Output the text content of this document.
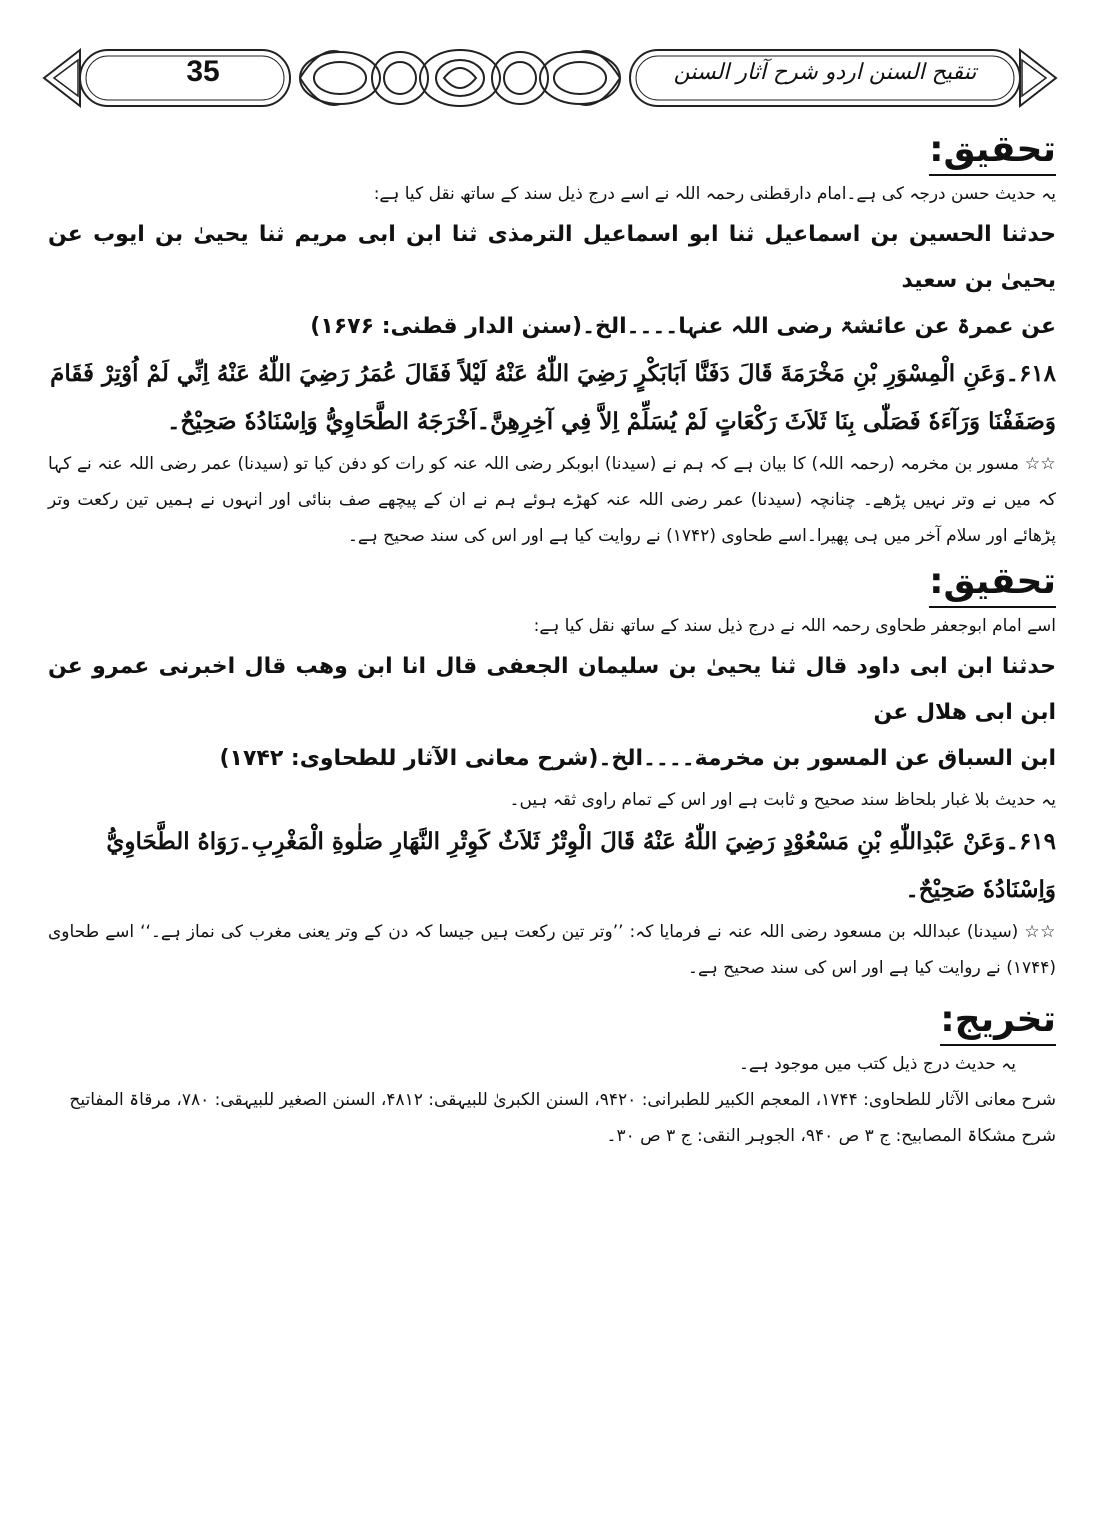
35	تنقیح السنن اردو شرح آثار السنن
تحقیق:

یہ حدیث حسن درجہ کی ہے۔امام دارقطنی رحمہ اللہ نے اسے درج ذیل سند کے ساتھ نقل کیا ہے:

حدثنا الحسین بن اسماعیل ثنا ابو اسماعیل الترمذی ثنا ابن ابی مریم ثنا یحییٰ بن ایوب عن یحییٰ بن سعید

عن عمرۃ عن عائشۃ رضی اللہ عنہا۔۔۔۔الخ۔(سنن الدار قطنی: ۱۶۷۶)

۶۱۸۔وَعَنِ الْمِسْوَرِ بْنِ مَخْرَمَةَ قَالَ دَفَنَّا اَبَابَكْرٍ رَضِيَ اللّٰهُ عَنْهُ لَيْلاً فَقَالَ عُمَرُ رَضِيَ اللّٰهُ عَنْهُ اِنِّي لَمْ اُوْتِرْ فَقَامَ

وَصَفَفْنَا وَرَآءَهٗ فَصَلّٰى بِنَا ثَلاَثَ رَكْعَاتٍ لَمْ يُسَلِّمْ اِلاَّ فِي آخِرِهِنَّ۔اَخْرَجَهُ الطَّحَاوِيُّ وَاِسْنَادُهٗ صَحِيْحٌ۔

☆☆ مسور بن مخرمہ (رحمہ اللہ) کا بیان ہے کہ ہم نے (سیدنا) ابوبکر رضی اللہ عنہ کو رات کو دفن کیا تو (سیدنا) عمر رضی اللہ عنہ نے کہا کہ میں نے وتر نہیں پڑھے۔ چنانچہ (سیدنا) عمر رضی اللہ عنہ کھڑے ہوئے ہم نے ان کے پیچھے صف بنائی اور انہوں نے ہمیں تین رکعت وتر پڑھائے اور سلام آخر میں ہی پھیرا۔اسے طحاوی (۱۷۴۲) نے روایت کیا ہے اور اس کی سند صحیح ہے۔

تحقیق:

اسے امام ابوجعفر طحاوی رحمہ اللہ نے درج ذیل سند کے ساتھ نقل کیا ہے:

حدثنا ابن ابی داود قال ثنا یحییٰ بن سلیمان الجعفی قال انا ابن وهب قال اخبرنی عمرو عن ابن ابی هلال عن

ابن السباق عن المسور بن مخرمة۔۔۔۔الخ۔(شرح معانی الآثار للطحاوی: ۱۷۴۲)

یہ حدیث بلا غبار بلحاظ سند صحیح و ثابت ہے اور اس کے تمام راوی ثقہ ہیں۔

۶۱۹۔وَعَنْ عَبْدِاللّٰهِ بْنِ مَسْعُوْدٍ رَضِيَ اللّٰهُ عَنْهُ قَالَ الْوِتْرُ ثَلاَثٌ كَوِتْرِ النَّهَارِ صَلٰوةِ الْمَغْرِبِ۔رَوَاهُ الطَّحَاوِيُّ

وَاِسْنَادُهٗ صَحِيْحٌ۔

☆☆ (سیدنا) عبداللہ بن مسعود رضی اللہ عنہ نے فرمایا کہ: ’’وتر تین رکعت ہیں جیسا کہ دن کے وتر یعنی مغرب کی نماز ہے۔‘‘ اسے طحاوی (۱۷۴۴) نے روایت کیا ہے اور اس کی سند صحیح ہے۔

تخریج:

یہ حدیث درج ذیل کتب میں موجود ہے۔

شرح معانی الآثار للطحاوی: ۱۷۴۴، المعجم الکبیر للطبرانی: ۹۴۲۰، السنن الکبریٰ للبیہقی: ۴۸۱۲، السنن الصغیر للبیہقی: ۷۸۰، مرقاۃ المفاتیح

شرح مشکاۃ المصابیح: ج ۳ ص ۹۴۰، الجوہر النقی: ج ۳ ص ۳۰۔
